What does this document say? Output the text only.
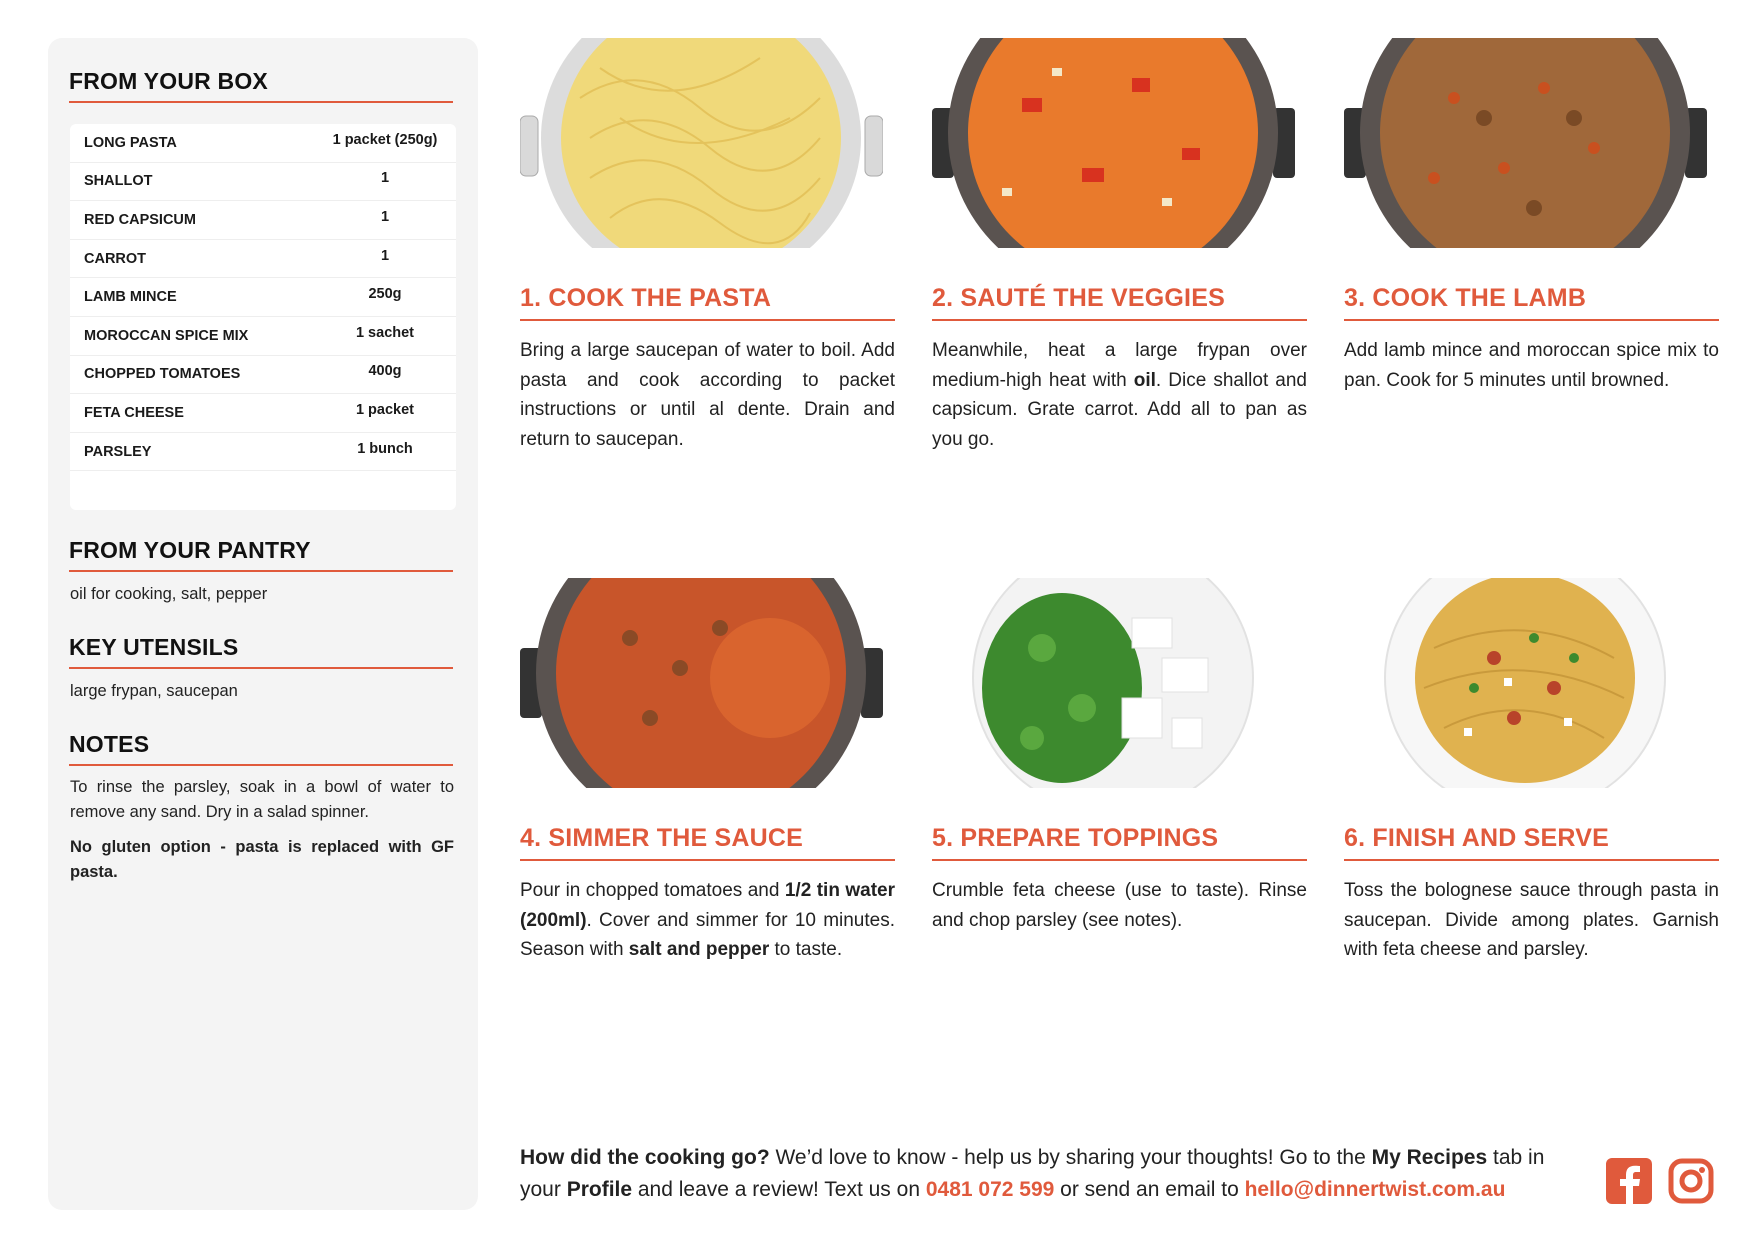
FROM YOUR BOX
LONG PASTA	1 packet (250g)
SHALLOT	1
RED CAPSICUM	1
CARROT	1
LAMB MINCE	250g
MOROCCAN SPICE MIX	1 sachet
CHOPPED TOMATOES	400g
FETA CHEESE	1 packet
PARSLEY	1 bunch
FROM YOUR PANTRY
oil for cooking, salt, pepper
KEY UTENSILS
large frypan, saucepan
NOTES
To rinse the parsley, soak in a bowl of water to remove any sand. Dry in a salad spinner.
No gluten option - pasta is replaced with GF pasta.
1. COOK THE PASTA

Bring a large saucepan of water to boil. Add pasta and cook according to packet instructions or until al dente. Drain and return to saucepan.

2. SAUTÉ THE VEGGIES

Meanwhile, heat a large frypan over medium-high heat with oil. Dice shallot and capsicum. Grate carrot. Add all to pan as you go.

3. COOK THE LAMB

Add lamb mince and moroccan spice mix to pan. Cook for 5 minutes until browned.

4. SIMMER THE SAUCE

Pour in chopped tomatoes and 1/2 tin water (200ml). Cover and simmer for 10 minutes. Season with salt and pepper to taste.

5. PREPARE TOPPINGS

Crumble feta cheese (use to taste). Rinse and chop parsley (see notes).

6. FINISH AND SERVE

Toss the bolognese sauce through pasta in saucepan. Divide among plates. Garnish with feta cheese and parsley.

How did the cooking go? We’d love to know - help us by sharing your thoughts! Go to the My Recipes tab in your Profile and leave a review! Text us on 0481 072 599 or send an email to hello@dinnertwist.com.au
